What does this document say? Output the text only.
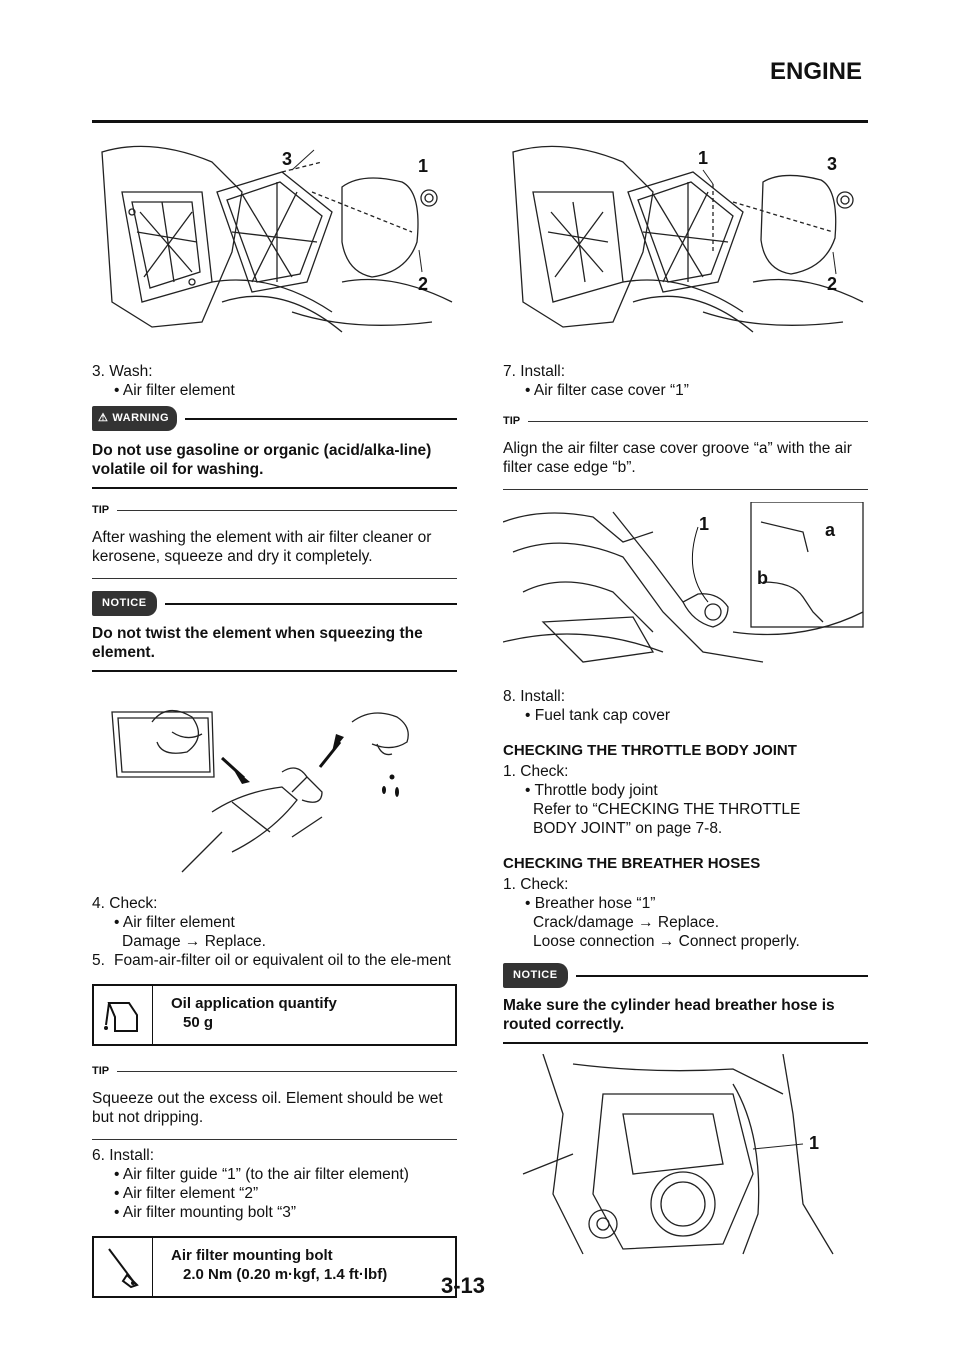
ENGINE
3	1
2
3. Wash:
• Air filter element
⚠ WARNING
Do not use gasoline or organic (acid/alka-line) volatile oil for washing.
TIP
After washing the element with air filter cleaner or kerosene, squeeze and dry it completely.
NOTICE
Do not twist the element when squeezing the element.
4. Check:
• Air filter element
Damage → Replace.
5. Foam-air-filter oil or equivalent oil to the ele-ment
Oil application quantify
50 g
TIP
Squeeze out the excess oil. Element should be wet but not dripping.
6. Install:
• Air filter guide “1” (to the air filter element)
• Air filter element “2”
• Air filter mounting bolt “3”
Air filter mounting bolt
2.0 Nm (0.20 m·kgf, 1.4 ft·lbf)
1	3
2
7. Install:
• Air filter case cover “1”
TIP
Align the air filter case cover groove “a” with the air filter case edge “b”.
1	a
b
8. Install:
• Fuel tank cap cover
CHECKING THE THROTTLE BODY JOINT
1. Check:
• Throttle body joint
Refer to “CHECKING THE THROTTLE
BODY JOINT” on page 7-8.
CHECKING THE BREATHER HOSES
1. Check:
• Breather hose “1”
Crack/damage → Replace.
Loose connection → Connect properly.
NOTICE
Make sure the cylinder head breather hose is routed correctly.
1
3-13
